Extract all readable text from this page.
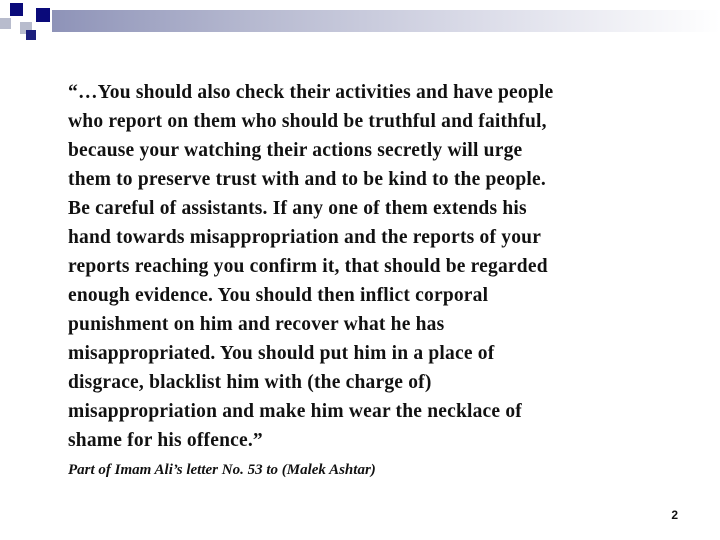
“…You should also check their activities and have people
who report on them who should be truthful and faithful,
because your watching their actions secretly will urge
them to preserve trust with and to be kind to the people.
Be careful of assistants. If any one of them extends his
hand towards misappropriation and the reports of your
reports reaching you confirm it, that should be regarded
enough evidence. You should then inflict corporal
punishment on him and recover what he has
misappropriated. You should put him in a place of
disgrace, blacklist him with (the charge of)
misappropriation and make him wear the necklace of
shame for his offence.”

Part of Imam Ali’s letter No. 53 to (Malek Ashtar)

2
